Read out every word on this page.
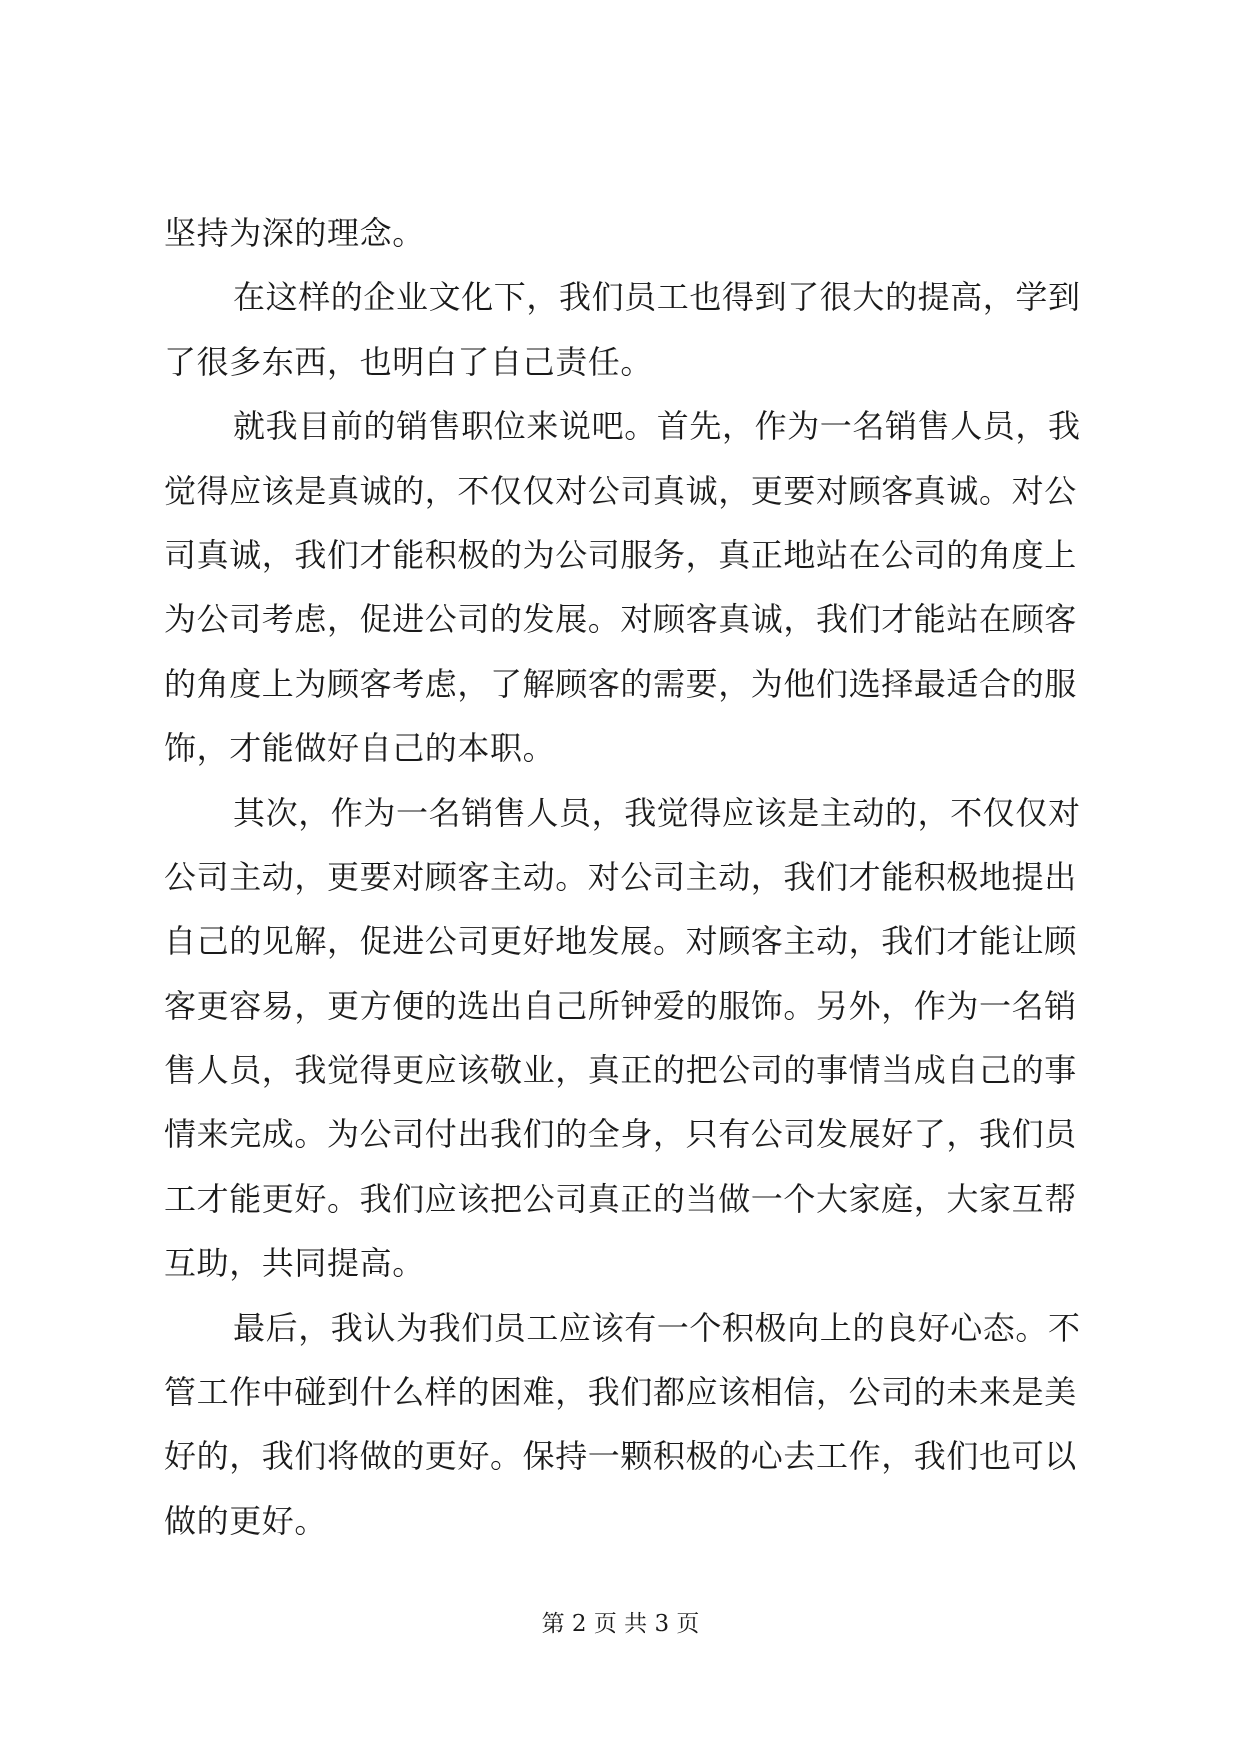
坚持为深的理念。
在这样的企业文化下，我们员工也得到了很大的提高，学到
了很多东西，也明白了自己责任。
就我目前的销售职位来说吧。首先，作为一名销售人员，我
觉得应该是真诚的，不仅仅对公司真诚，更要对顾客真诚。对公
司真诚，我们才能积极的为公司服务，真正地站在公司的角度上
为公司考虑，促进公司的发展。对顾客真诚，我们才能站在顾客
的角度上为顾客考虑，了解顾客的需要，为他们选择最适合的服
饰，才能做好自己的本职。
其次，作为一名销售人员，我觉得应该是主动的，不仅仅对
公司主动，更要对顾客主动。对公司主动，我们才能积极地提出
自己的见解，促进公司更好地发展。对顾客主动，我们才能让顾
客更容易，更方便的选出自己所钟爱的服饰。另外，作为一名销
售人员，我觉得更应该敬业，真正的把公司的事情当成自己的事
情来完成。为公司付出我们的全身，只有公司发展好了，我们员
工才能更好。我们应该把公司真正的当做一个大家庭，大家互帮
互助，共同提高。
最后，我认为我们员工应该有一个积极向上的良好心态。不
管工作中碰到什么样的困难，我们都应该相信，公司的未来是美
好的，我们将做的更好。保持一颗积极的心去工作，我们也可以
做的更好。
第 2 页 共 3 页
